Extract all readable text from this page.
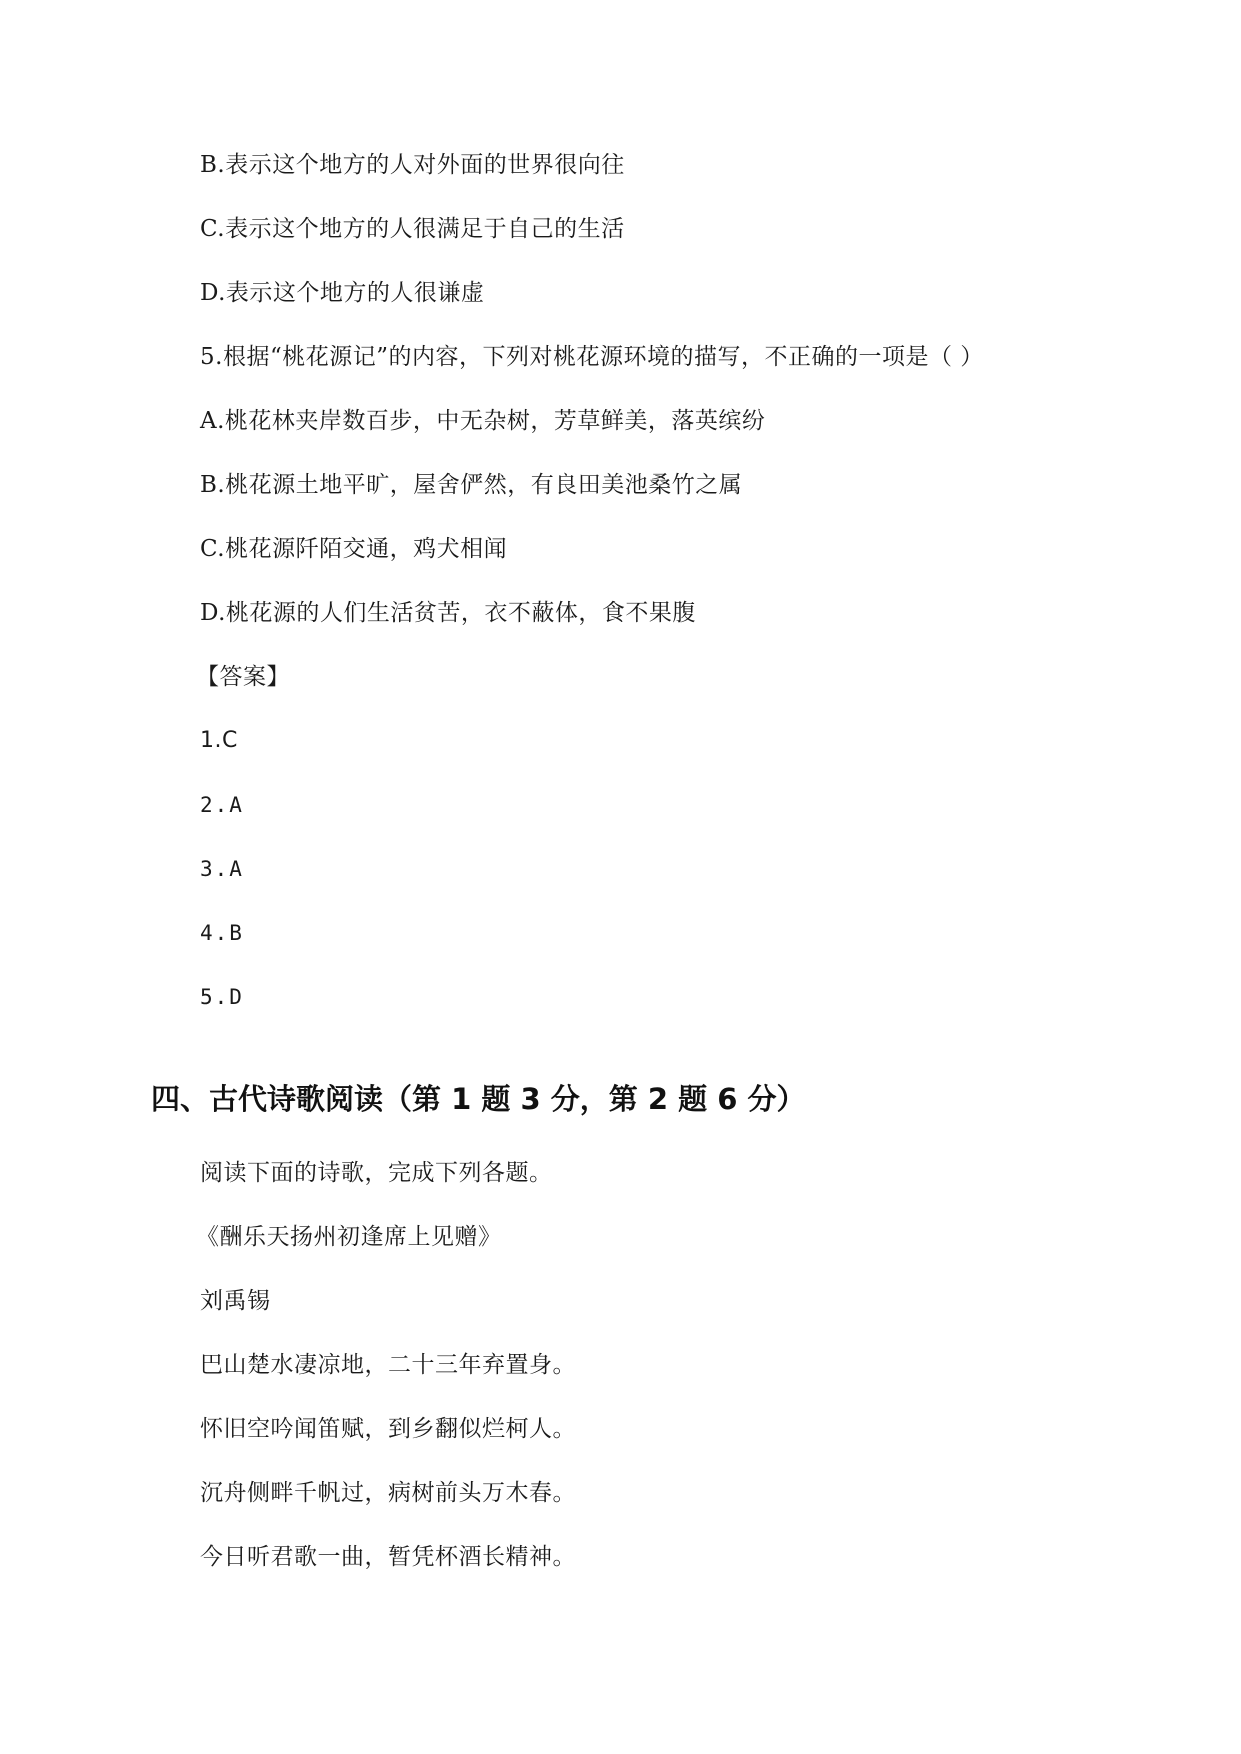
B.表示这个地方的人对外面的世界很向往
C.表示这个地方的人很满足于自己的生活
D.表示这个地方的人很谦虚
5.根据“桃花源记”的内容，下列对桃花源环境的描写，不正确的一项是（ ）
A.桃花林夹岸数百步，中无杂树，芳草鲜美，落英缤纷
B.桃花源土地平旷，屋舍俨然，有良田美池桑竹之属
C.桃花源阡陌交通，鸡犬相闻
D.桃花源的人们生活贫苦，衣不蔽体，食不果腹
【答案】
1.C
2.A
3.A
4.B
5.D
四、古代诗歌阅读（第 1 题 3 分，第 2 题 6 分）
阅读下面的诗歌，完成下列各题。
《酬乐天扬州初逢席上见赠》
刘禹锡
巴山楚水凄凉地，二十三年弃置身。
怀旧空吟闻笛赋，到乡翻似烂柯人。
沉舟侧畔千帆过，病树前头万木春。
今日听君歌一曲，暂凭杯酒长精神。
